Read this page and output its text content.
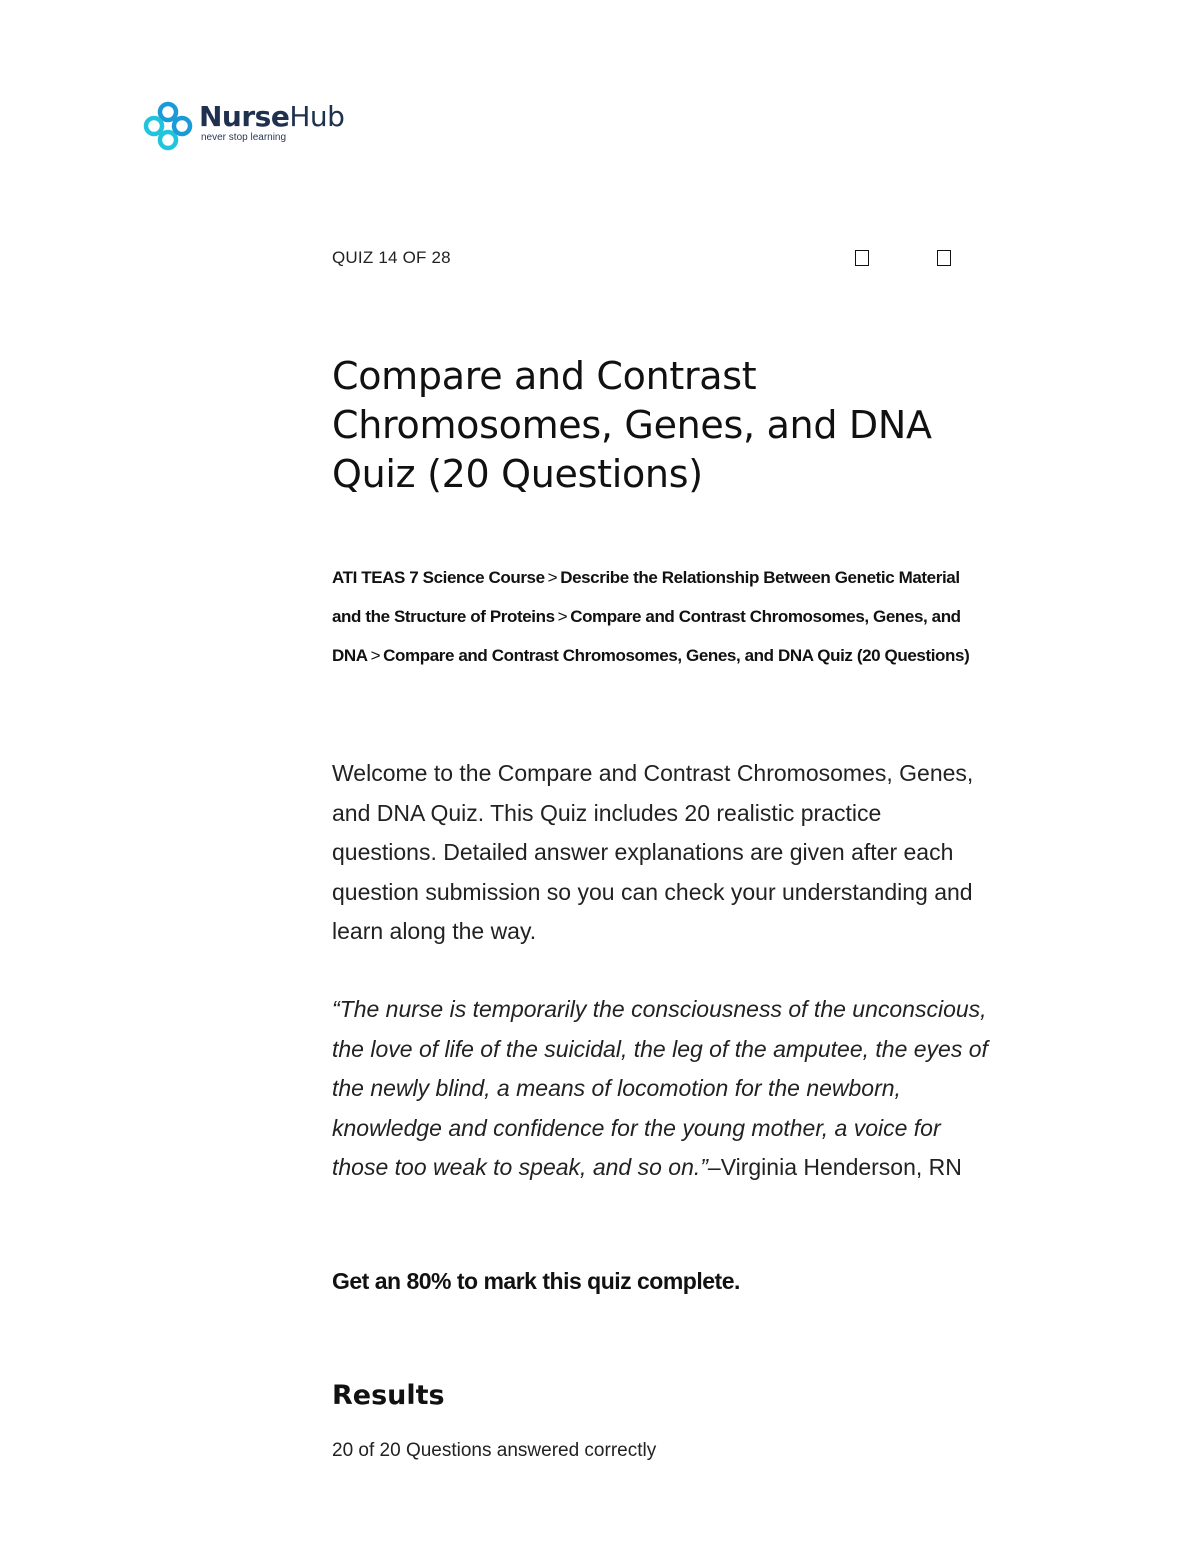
NurseHub
never stop learning
QUIZ 14 OF 28
Compare and Contrast Chromosomes, Genes, and DNA Quiz (20 Questions)
ATI TEAS 7 Science Course > Describe the Relationship Between Genetic Material and the Structure of Proteins > Compare and Contrast Chromosomes, Genes, and DNA > Compare and Contrast Chromosomes, Genes, and DNA Quiz (20 Questions)

Welcome to the Compare and Contrast Chromosomes, Genes, and DNA Quiz. This Quiz includes 20 realistic practice questions. Detailed answer explanations are given after each question submission so you can check your understanding and learn along the way.

“The nurse is temporarily the consciousness of the unconscious, the love of life of the suicidal, the leg of the amputee, the eyes of the newly blind, a means of locomotion for the newborn, knowledge and confidence for the young mother, a voice for those too weak to speak, and so on.”–Virginia Henderson, RN

Get an 80% to mark this quiz complete.

Results

20 of 20 Questions answered correctly
